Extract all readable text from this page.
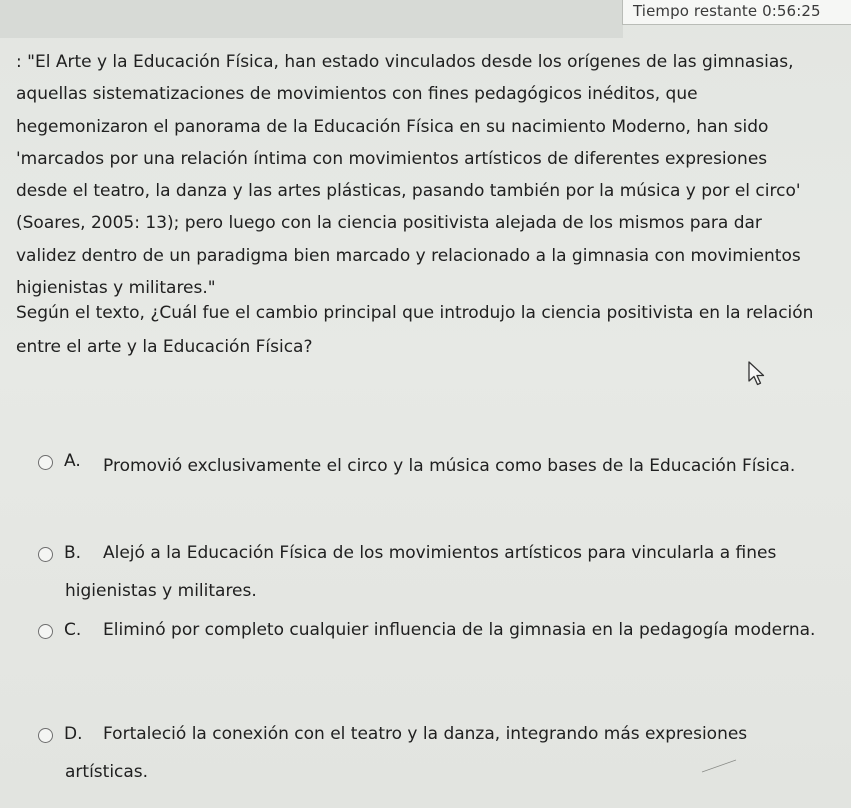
Tiempo restante 0:56:25
: "El Arte y la Educación Física, han estado vinculados desde los orígenes de las gimnasias,
aquellas sistematizaciones de movimientos con fines pedagógicos inéditos, que
hegemonizaron el panorama de la Educación Física en su nacimiento Moderno, han sido
'marcados por una relación íntima con movimientos artísticos de diferentes expresiones
desde el teatro, la danza y las artes plásticas, pasando también por la música y por el circo'
(Soares, 2005: 13); pero luego con la ciencia positivista alejada de los mismos para dar
validez dentro de un paradigma bien marcado y relacionado a la gimnasia con movimientos
higienistas y militares."
Según el texto, ¿Cuál fue el cambio principal que introdujo la ciencia positivista en la relación
entre el arte y la Educación Física?
A. Promovió exclusivamente el circo y la música como bases de la Educación Física.
B. Alejó a la Educación Física de los movimientos artísticos para vincularla a fines
higienistas y militares.
C. Eliminó por completo cualquier influencia de la gimnasia en la pedagogía moderna.
D. Fortaleció la conexión con el teatro y la danza, integrando más expresiones
artísticas.
